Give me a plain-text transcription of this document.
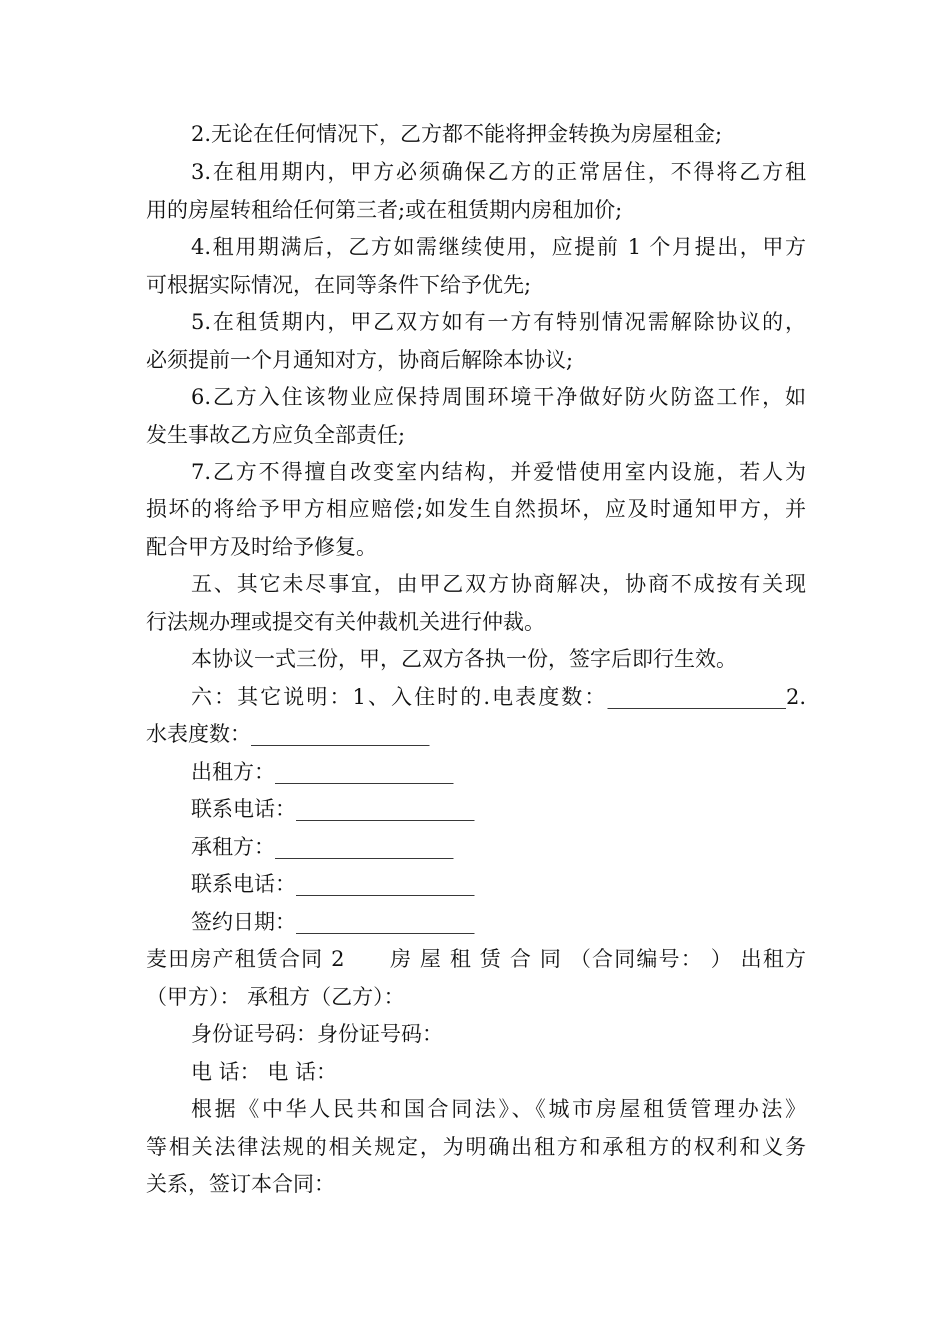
2.无论在任何情况下，乙方都不能将押金转换为房屋租金;
3.在租用期内，甲方必须确保乙方的正常居住，不得将乙方租
用的房屋转租给任何第三者;或在租赁期内房租加价;
4.租用期满后，乙方如需继续使用，应提前 1 个月提出，甲方
可根据实际情况，在同等条件下给予优先;
5.在租赁期内，甲乙双方如有一方有特别情况需解除协议的，
必须提前一个月通知对方，协商后解除本协议;
6.乙方入住该物业应保持周围环境干净做好防火防盗工作，如
发生事故乙方应负全部责任;
7.乙方不得擅自改变室内结构，并爱惜使用室内设施，若人为
损坏的将给予甲方相应赔偿;如发生自然损坏，应及时通知甲方，并
配合甲方及时给予修复。
五、其它未尽事宜，由甲乙双方协商解决，协商不成按有关现
行法规办理或提交有关仲裁机关进行仲裁。
本协议一式三份，甲，乙双方各执一份，签字后即行生效。
六：其它说明：1、入住时的.电表度数：_________________2.
水表度数：_________________
出租方：_________________
联系电话：_________________
承租方：_________________
联系电话：_________________
签约日期：_________________
麦田房产租赁合同 2　　房 屋 租 赁 合 同 （合同编号： ） 出租方
（甲方）： 承租方（乙方）：
身份证号码：身份证号码：
电 话： 电 话：
根据《中华人民共和国合同法》、《城市房屋租赁管理办法》
等相关法律法规的相关规定，为明确出租方和承租方的权利和义务
关系，签订本合同：
